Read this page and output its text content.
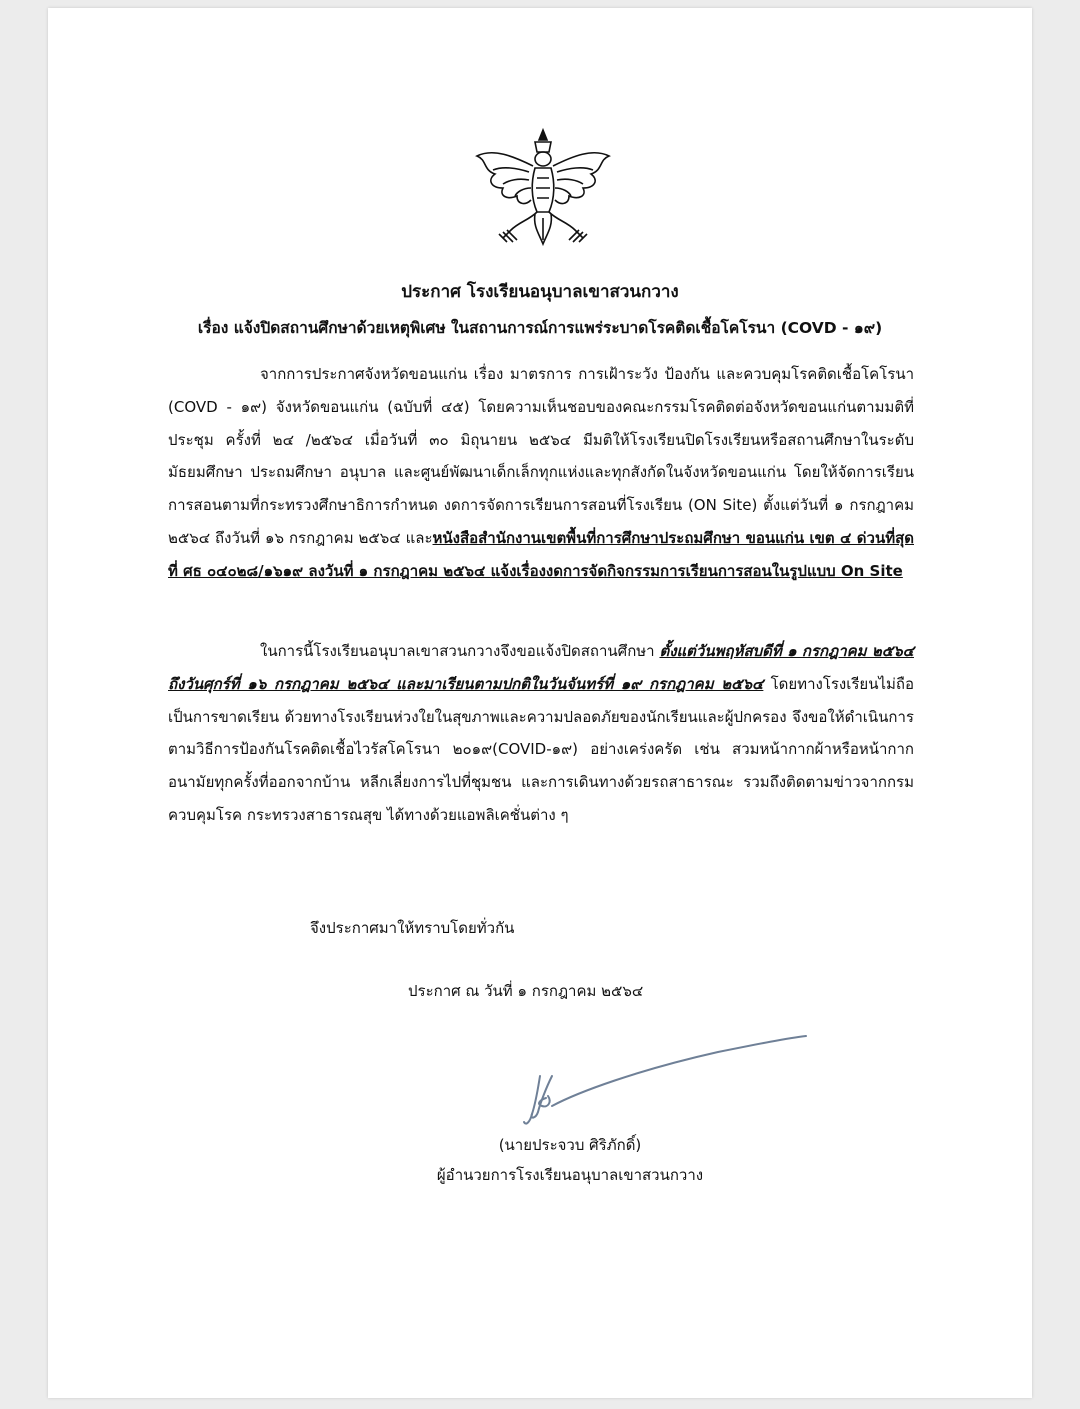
ประกาศ โรงเรียนอนุบาลเขาสวนกวาง
เรื่อง แจ้งปิดสถานศึกษาด้วยเหตุพิเศษ ในสถานการณ์การแพร่ระบาดโรคติดเชื้อโคโรนา (COVD - ๑๙)
จากการประกาศจังหวัดขอนแก่น เรื่อง มาตรการ การเฝ้าระวัง ป้องกัน และควบคุมโรคติดเชื้อโคโรนา (COVD - ๑๙) จังหวัดขอนแก่น (ฉบับที่ ๔๕) โดยความเห็นชอบของคณะกรรมโรคติดต่อจังหวัดขอนแก่นตามมติที่ประชุม ครั้งที่ ๒๔ /๒๕๖๔ เมื่อวันที่ ๓๐ มิถุนายน ๒๕๖๔ มีมติให้โรงเรียนปิดโรงเรียนหรือสถานศึกษาในระดับมัธยมศึกษา ประถมศึกษา อนุบาล และศูนย์พัฒนาเด็กเล็กทุกแห่งและทุกสังกัดในจังหวัดขอนแก่น โดยให้จัดการเรียนการสอนตามที่กระทรวงศึกษาธิการกำหนด งดการจัดการเรียนการสอนที่โรงเรียน (ON Site) ตั้งแต่วันที่ ๑ กรกฎาคม ๒๕๖๔ ถึงวันที่ ๑๖ กรกฎาคม ๒๕๖๔ และหนังสือสำนักงานเขตพื้นที่การศึกษาประถมศึกษา ขอนแก่น เขต ๔ ด่วนที่สุด ที่ ศธ ๐๔๐๒๘/๑๖๑๙ ลงวันที่ ๑ กรกฎาคม ๒๕๖๔ แจ้งเรื่องงดการจัดกิจกรรมการเรียนการสอนในรูปแบบ On Site
ในการนี้โรงเรียนอนุบาลเขาสวนกวางจึงขอแจ้งปิดสถานศึกษา ตั้งแต่วันพฤหัสบดีที่ ๑ กรกฎาคม ๒๕๖๔ ถึงวันศุกร์ที่ ๑๖ กรกฎาคม ๒๕๖๔ และมาเรียนตามปกติในวันจันทร์ที่ ๑๙ กรกฎาคม ๒๕๖๔ โดยทางโรงเรียนไม่ถือเป็นการขาดเรียน ด้วยทางโรงเรียนห่วงใยในสุขภาพและความปลอดภัยของนักเรียนและผู้ปกครอง จึงขอให้ดำเนินการตามวิธีการป้องกันโรคติดเชื้อไวรัสโคโรนา ๒๐๑๙(COVID-๑๙) อย่างเคร่งครัด เช่น สวมหน้ากากผ้าหรือหน้ากากอนามัยทุกครั้งที่ออกจากบ้าน หลีกเลี่ยงการไปที่ชุมชน และการเดินทางด้วยรถสาธารณะ รวมถึงติดตามข่าวจากกรมควบคุมโรค กระทรวงสาธารณสุข ได้ทางด้วยแอพลิเคชั่นต่าง ๆ
จึงประกาศมาให้ทราบโดยทั่วกัน
ประกาศ ณ วันที่ ๑ กรกฎาคม ๒๕๖๔
(นายประจวบ ศิริภักดิ์)
ผู้อำนวยการโรงเรียนอนุบาลเขาสวนกวาง
